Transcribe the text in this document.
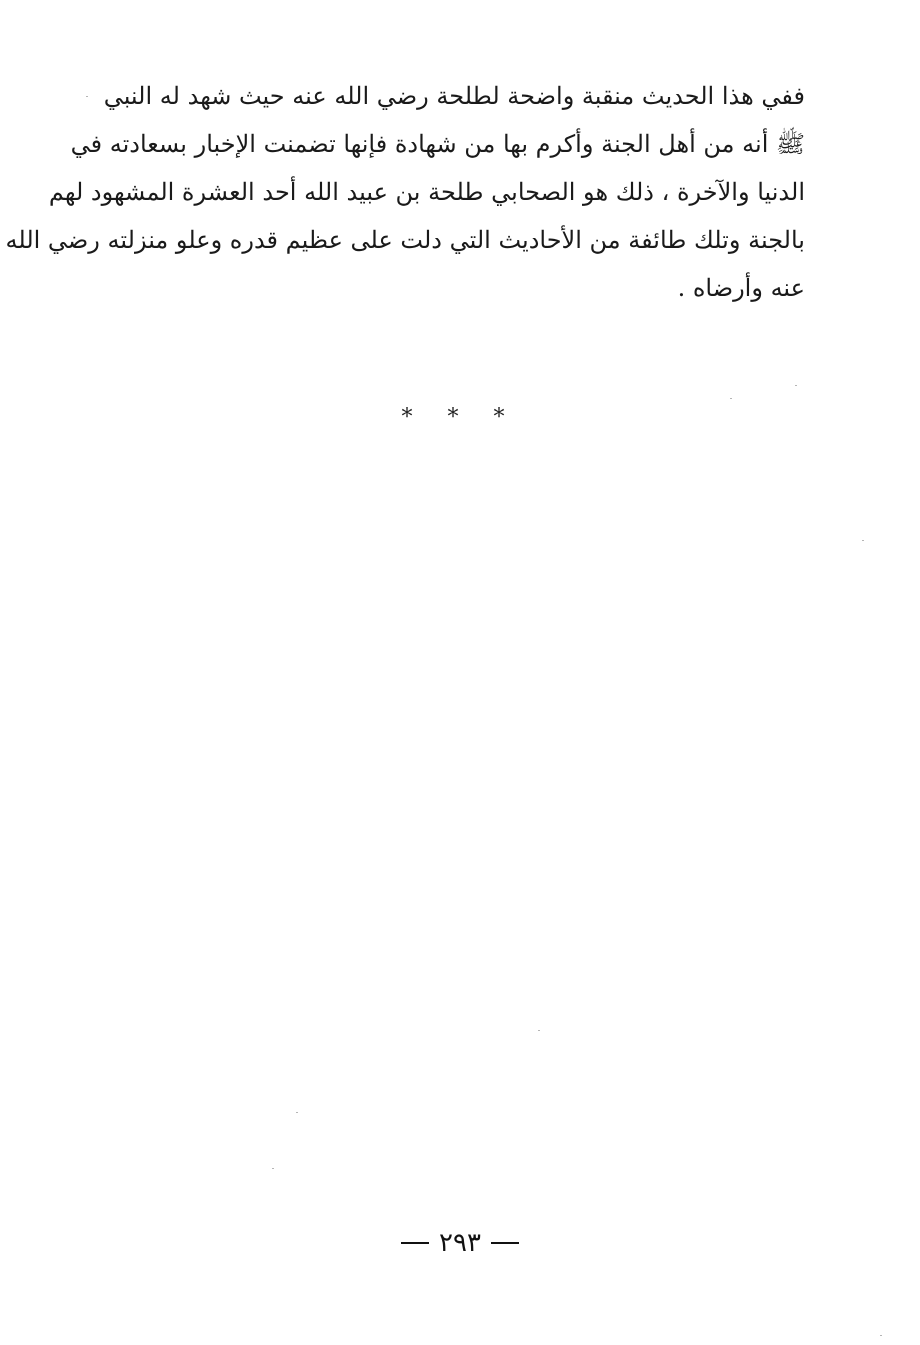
ففي هذا الحديث منقبة واضحة لطلحة رضي الله عنه حيث شهد له النبي
ﷺ أنه من أهل الجنة وأكرم بها من شهادة فإنها تضمنت الإخبار بسعادته في
الدنيا والآخرة ، ذلك هو الصحابي طلحة بن عبيد الله أحد العشرة المشهود لهم
بالجنة وتلك طائفة من الأحاديث التي دلت على عظيم قدره وعلو منزلته رضي الله
عنه وأرضاه .
* * *
٢٩٣
